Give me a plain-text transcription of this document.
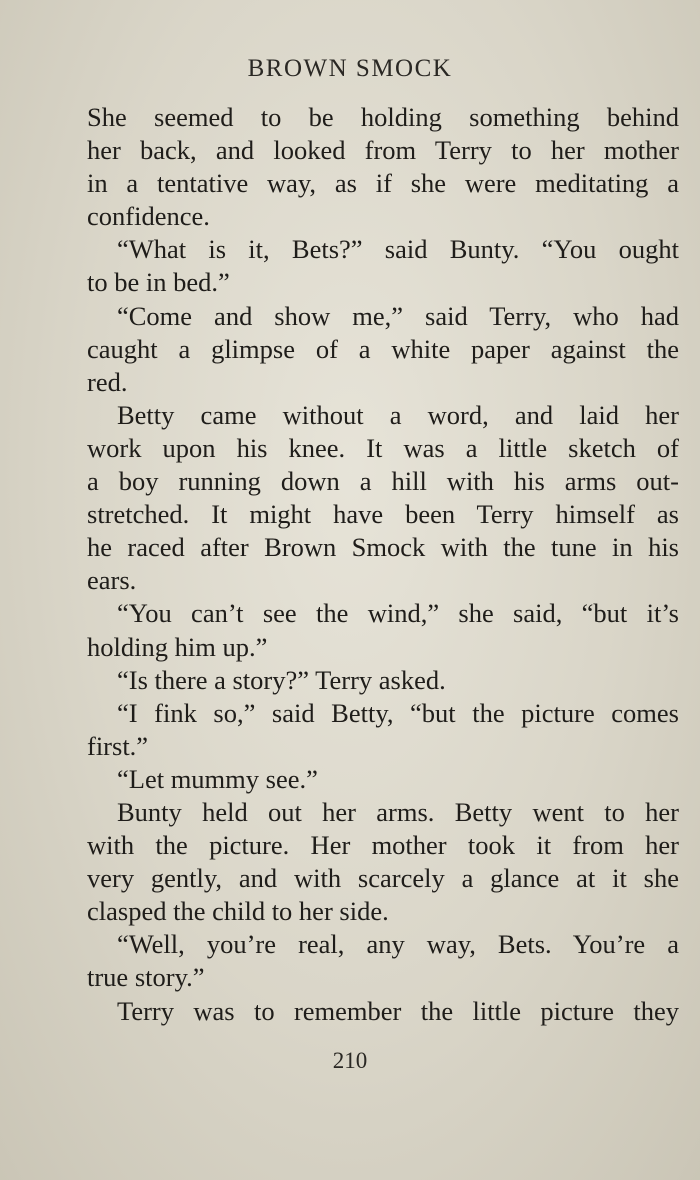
BROWN SMOCK
She seemed to be holding something behind
her back, and looked from Terry to her mother
in a tentative way, as if she were meditating a
confidence.
“What is it, Bets?” said Bunty. “You ought
to be in bed.”
“Come and show me,” said Terry, who had
caught a glimpse of a white paper against the
red.
Betty came without a word, and laid her
work upon his knee. It was a little sketch of
a boy running down a hill with his arms out-
stretched. It might have been Terry himself as
he raced after Brown Smock with the tune in his
ears.
“You can’t see the wind,” she said, “but it’s
holding him up.”
“Is there a story?” Terry asked.
“I fink so,” said Betty, “but the picture comes
first.”
“Let mummy see.”
Bunty held out her arms. Betty went to her
with the picture. Her mother took it from her
very gently, and with scarcely a glance at it she
clasped the child to her side.
“Well, you’re real, any way, Bets. You’re a
true story.”
Terry was to remember the little picture they
210
